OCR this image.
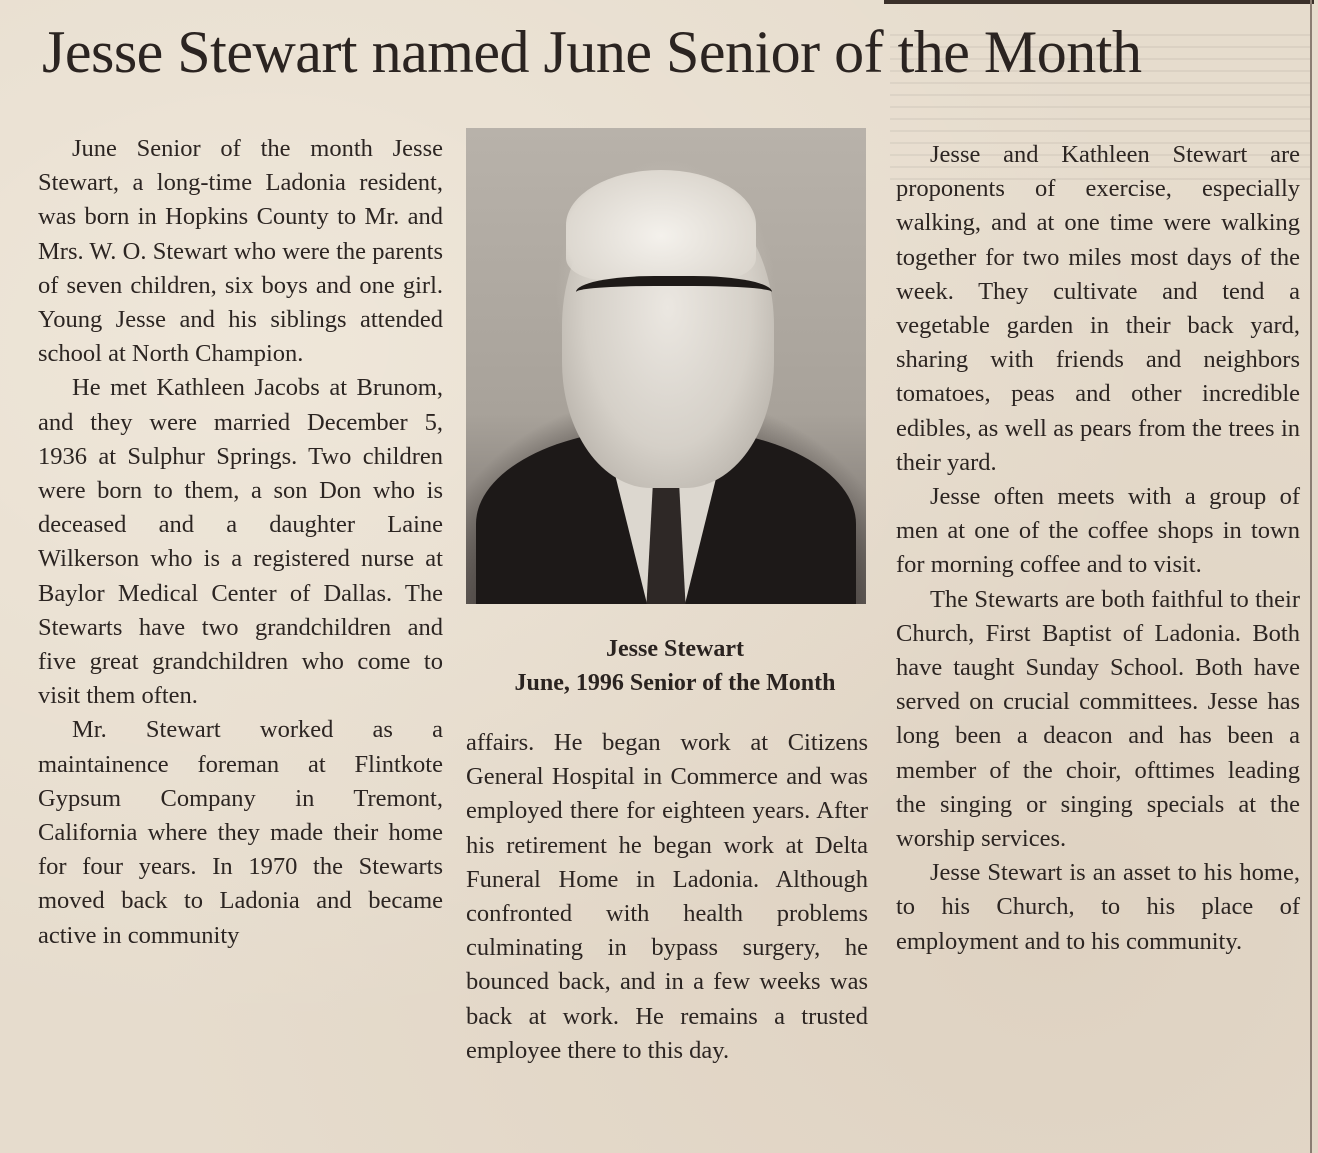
Jesse Stewart named June Senior of the Month

June Senior of the month Jesse Stewart, a long-time Ladonia resident, was born in Hopkins County to Mr. and Mrs. W. O. Stewart who were the parents of seven children, six boys and one girl. Young Jesse and his siblings attended school at North Champion.

He met Kathleen Jacobs at Brunom, and they were married December 5, 1936 at Sulphur Springs. Two children were born to them, a son Don who is deceased and a daughter Laine Wilkerson who is a registered nurse at Baylor Medical Center of Dallas. The Stewarts have two grandchildren and five great grandchildren who come to visit them often.

Mr. Stewart worked as a maintainence foreman at Flintkote Gypsum Company in Tremont, California where they made their home for four years. In 1970 the Stewarts moved back to Ladonia and became active in community

Jesse Stewart
June, 1996 Senior of the Month

affairs. He began work at Citizens General Hospital in Commerce and was employed there for eighteen years. After his retirement he began work at Delta Funeral Home in Ladonia. Although confronted with health problems culminating in bypass surgery, he bounced back, and in a few weeks was back at work. He remains a trusted employee there to this day.

Jesse and Kathleen Stewart are proponents of exercise, especially walking, and at one time were walking together for two miles most days of the week. They cultivate and tend a vegetable garden in their back yard, sharing with friends and neighbors tomatoes, peas and other incredible edibles, as well as pears from the trees in their yard.

Jesse often meets with a group of men at one of the coffee shops in town for morning coffee and to visit.

The Stewarts are both faithful to their Church, First Baptist of Ladonia. Both have taught Sunday School. Both have served on crucial committees. Jesse has long been a deacon and has been a member of the choir, ofttimes leading the singing or singing specials at the worship services.

Jesse Stewart is an asset to his home, to his Church, to his place of employment and to his community.
